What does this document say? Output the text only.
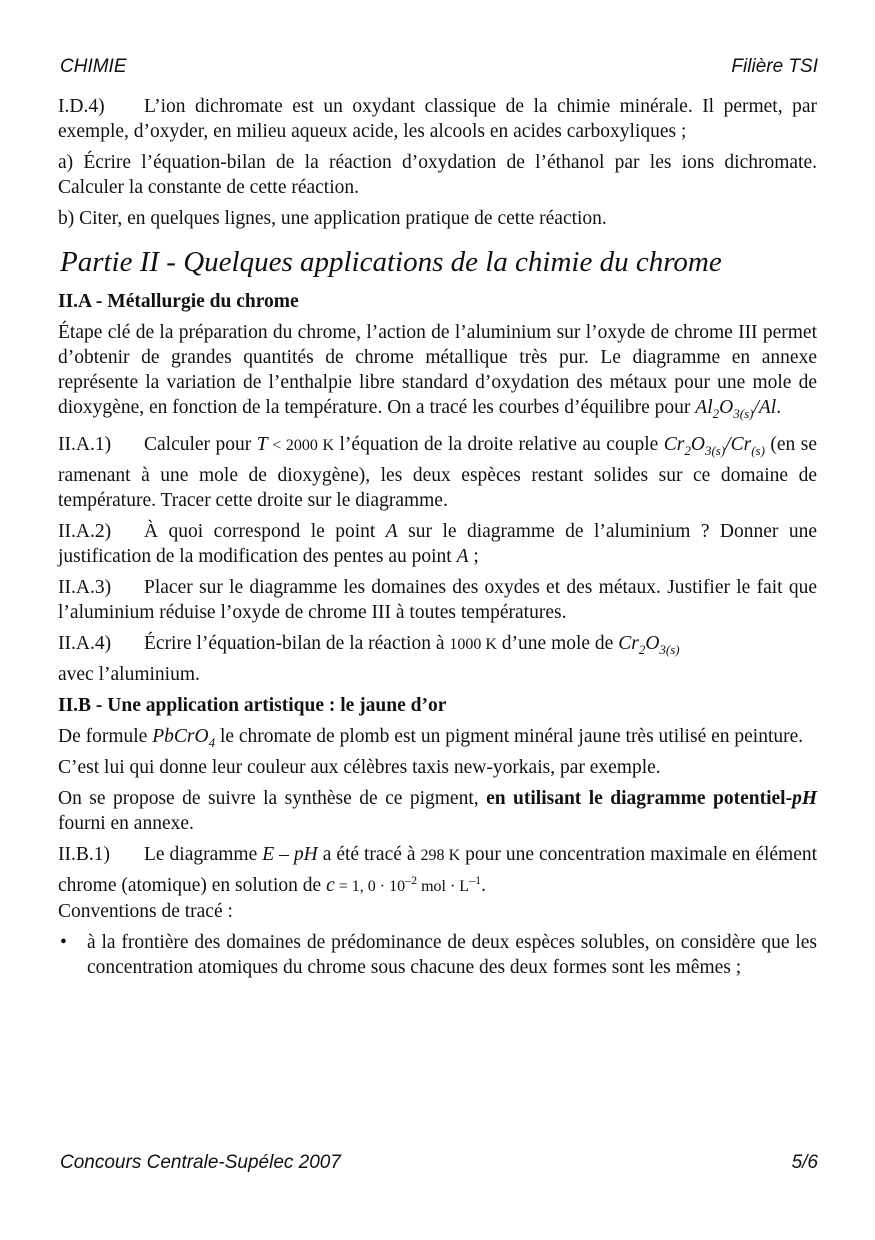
CHIMIE	Filière TSI

I.D.4) L’ion dichromate est un oxydant classique de la chimie minérale. Il permet, par exemple, d’oxyder, en milieu aqueux acide, les alcools en acides carboxyliques ;

a) Écrire l’équation-bilan de la réaction d’oxydation de l’éthanol par les ions dichromate. Calculer la constante de cette réaction.

b) Citer, en quelques lignes, une application pratique de cette réaction.

Partie II - Quelques applications de la chimie du chrome
II.A - Métallurgie du chrome

Étape clé de la préparation du chrome, l’action de l’aluminium sur l’oxyde de chrome III permet d’obtenir de grandes quantités de chrome métallique très pur. Le diagramme en annexe représente la variation de l’enthalpie libre standard d’oxydation des métaux pour une mole de dioxygène, en fonction de la température. On a tracé les courbes d’équilibre pour $Al_2O_{3(s)}/Al$.

II.A.1) Calculer pour T < 2000 K l’équation de la droite relative au couple $Cr_2O_{3(s)}/Cr_{(s)}$ (en se ramenant à une mole de dioxygène), les deux espèces restant solides sur ce domaine de température. Tracer cette droite sur le diagramme.

II.A.2) À quoi correspond le point A sur le diagramme de l’aluminium ? Donner une justification de la modification des pentes au point A ;

II.A.3) Placer sur le diagramme les domaines des oxydes et des métaux. Justifier le fait que l’aluminium réduise l’oxyde de chrome III à toutes températures.

II.A.4) Écrire l’équation-bilan de la réaction à 1000 K d’une mole de $Cr_2O_{3(s)}$
avec l’aluminium.

II.B - Une application artistique : le jaune d’or

De formule PbCrO$_4$ le chromate de plomb est un pigment minéral jaune très utilisé en peinture.

C’est lui qui donne leur couleur aux célèbres taxis new-yorkais, par exemple.

On se propose de suivre la synthèse de ce pigment, en utilisant le diagramme potentiel-pH fourni en annexe.

II.B.1) Le diagramme E – pH a été tracé à 298 K pour une concentration maximale en élément chrome (atomique) en solution de c = 1, $0 \cdot 10^{-2}$ mol · $L^{-1}$.
Conventions de tracé :

• à la frontière des domaines de prédominance de deux espèces solubles, on considère que les concentration atomiques du chrome sous chacune des deux formes sont les mêmes ;
Concours Centrale-Supélec 2007	5/6
